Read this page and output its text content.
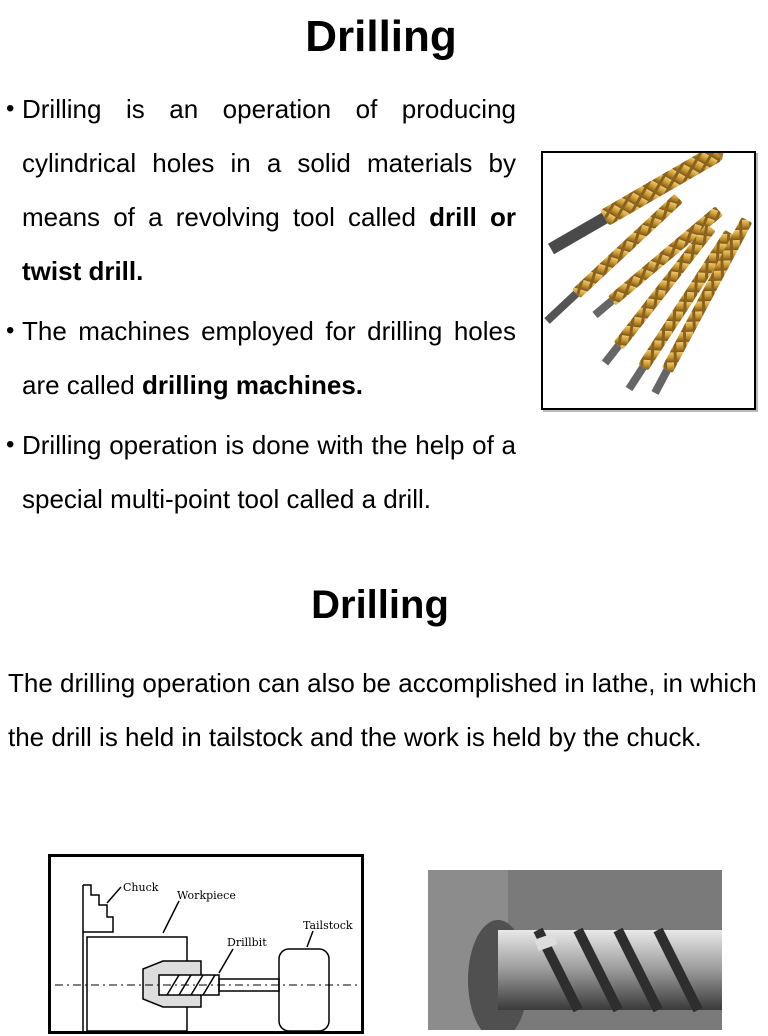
Drilling
• Drilling is an operation of producing cylindrical holes in a solid materials by means of a revolving tool called drill or twist drill.
• The machines employed for drilling holes are called drilling machines.
• Drilling operation is done with the help of a special multi-point tool called a drill.
Drilling
The drilling operation can also be accomplished in lathe, in which the drill is held in tailstock and the work is held by the chuck.
Chuck
Workpiece
Drillbit
Tailstock
